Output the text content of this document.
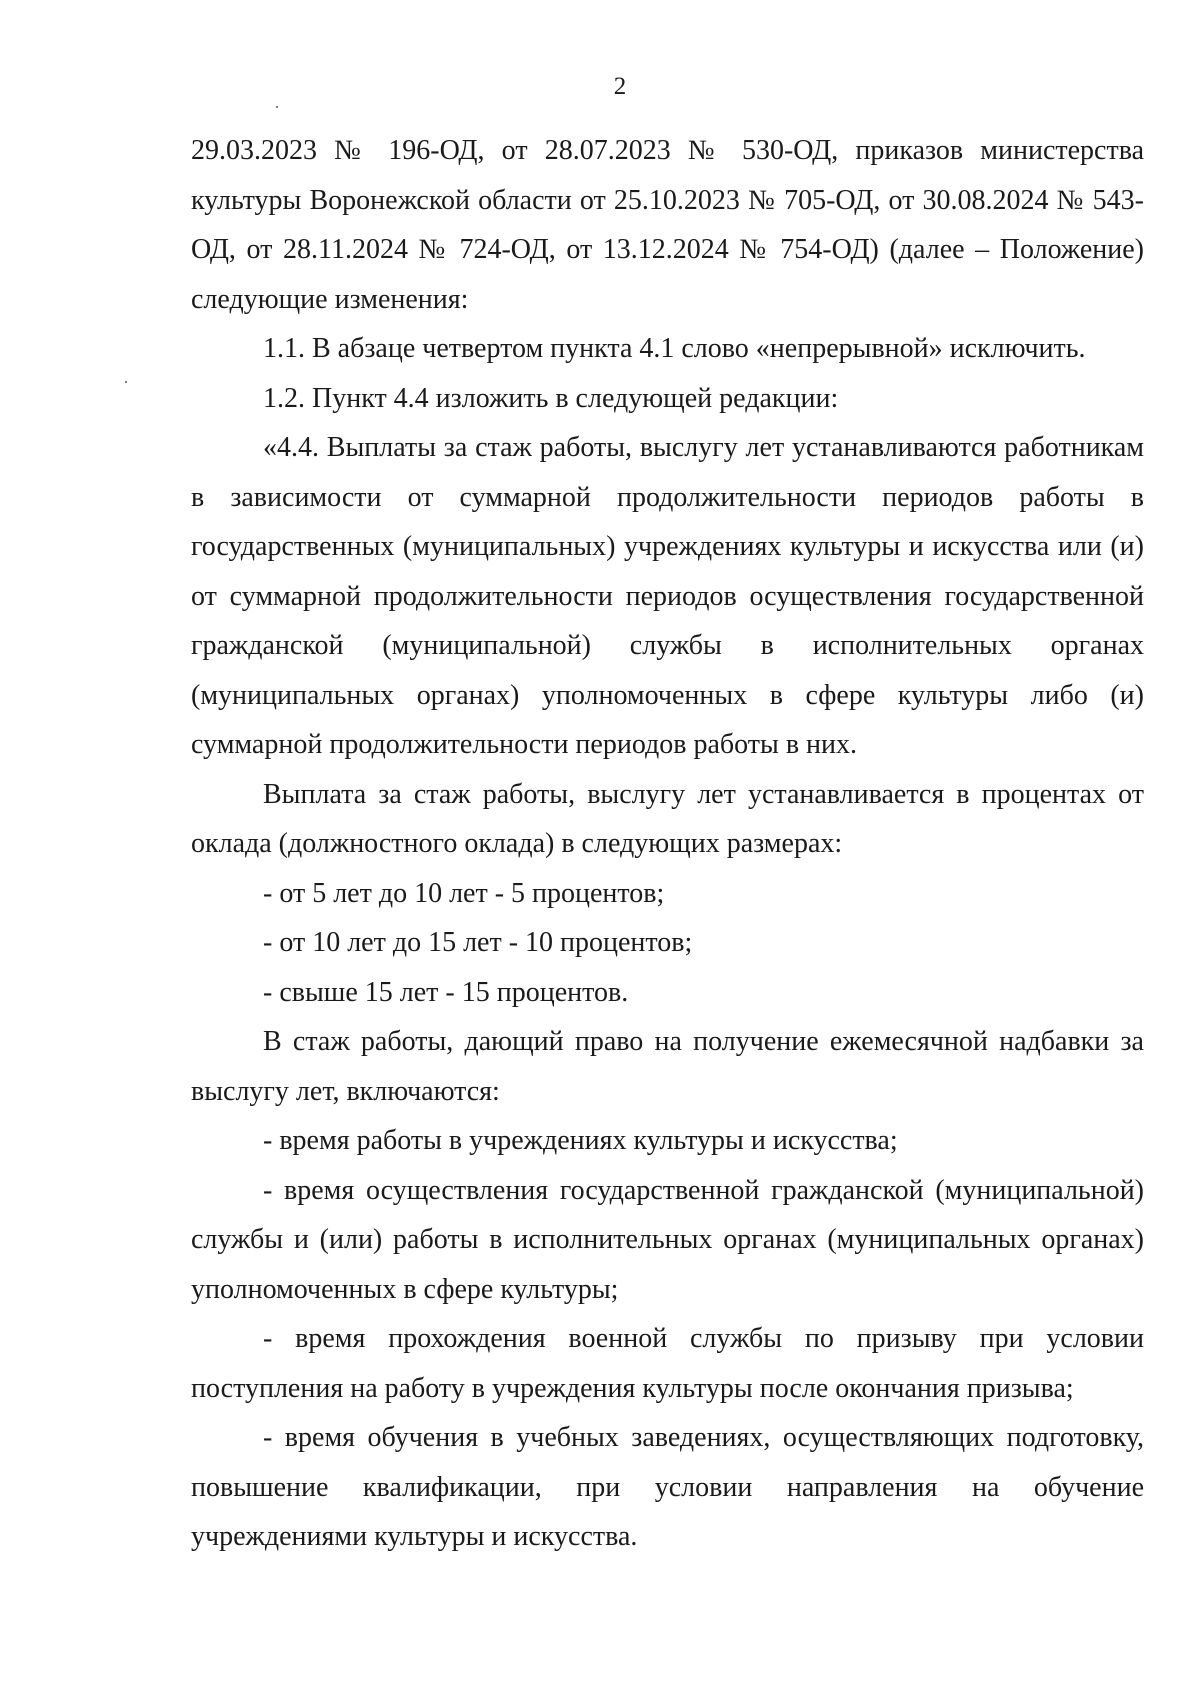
2

29.03.2023 № 196-ОД, от 28.07.2023 № 530-ОД, приказов министерства культуры Воронежской области от 25.10.2023 № 705-ОД, от 30.08.2024 № 543-ОД, от 28.11.2024 № 724-ОД, от 13.12.2024 № 754-ОД) (далее – Положение) следующие изменения:

1.1. В абзаце четвертом пункта 4.1 слово «непрерывной» исключить.

1.2. Пункт 4.4 изложить в следующей редакции:

«4.4. Выплаты за стаж работы, выслугу лет устанавливаются работникам в зависимости от суммарной продолжительности периодов работы в государственных (муниципальных) учреждениях культуры и искусства или (и) от суммарной продолжительности периодов осуществления государственной гражданской (муниципальной) службы в исполнительных органах (муниципальных органах) уполномоченных в сфере культуры либо (и) суммарной продолжительности периодов работы в них.

Выплата за стаж работы, выслугу лет устанавливается в процентах от оклада (должностного оклада) в следующих размерах:

- от 5 лет до 10 лет - 5 процентов;

- от 10 лет до 15 лет - 10 процентов;

- свыше 15 лет - 15 процентов.

В стаж работы, дающий право на получение ежемесячной надбавки за выслугу лет, включаются:

- время работы в учреждениях культуры и искусства;

- время осуществления государственной гражданской (муниципальной) службы и (или) работы в исполнительных органах (муниципальных органах) уполномоченных в сфере культуры;

- время прохождения военной службы по призыву при условии поступления на работу в учреждения культуры после окончания призыва;

- время обучения в учебных заведениях, осуществляющих подготовку, повышение квалификации, при условии направления на обучение учреждениями культуры и искусства.
